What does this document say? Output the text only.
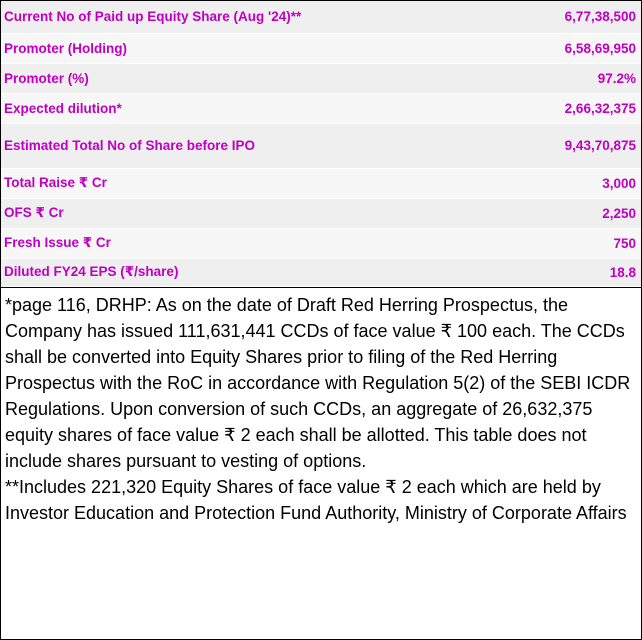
Current No of Paid up Equity Share (Aug '24)**	6,77,38,500
Promoter (Holding)	6,58,69,950
Promoter (%)	97.2%
Expected dilution*	2,66,32,375
Estimated Total No of Share before IPO	9,43,70,875
Total Raise ₹ Cr	3,000
OFS ₹ Cr	2,250
Fresh Issue ₹ Cr	750
Diluted FY24 EPS (₹/share)	18.8

*page 116, DRHP: As on the date of Draft Red Herring Prospectus, the Company has issued 111,631,441 CCDs of face value ₹ 100 each. The CCDs shall be converted into Equity Shares prior to filing of the Red Herring Prospectus with the RoC in accordance with Regulation 5(2) of the SEBI ICDR Regulations. Upon conversion of such CCDs, an aggregate of 26,632,375 equity shares of face value ₹ 2 each shall be allotted. This table does not include shares pursuant to vesting of options.

**Includes 221,320 Equity Shares of face value ₹ 2 each which are held by Investor Education and Protection Fund Authority, Ministry of Corporate Affairs
